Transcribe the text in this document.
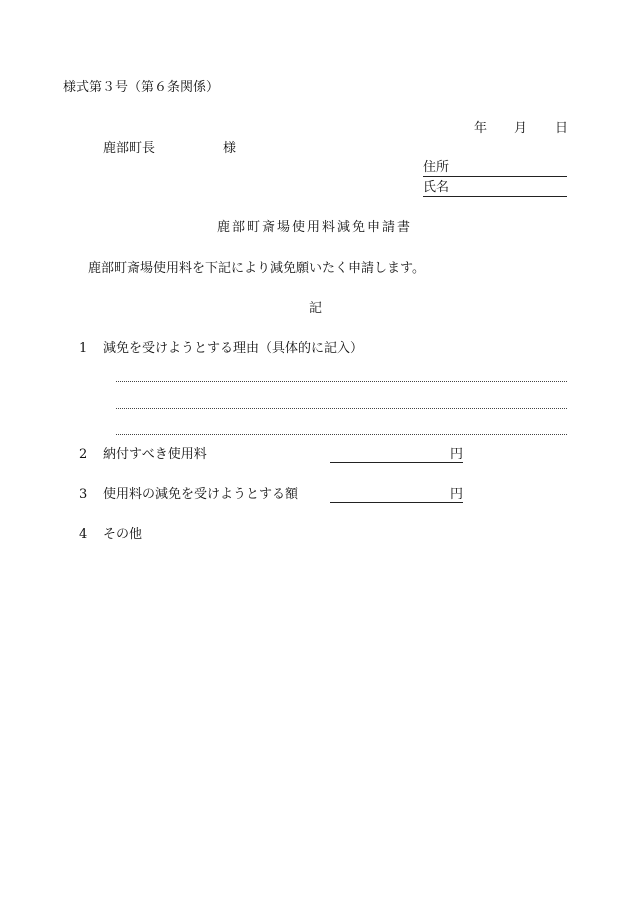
様式第３号（第６条関係）
年 月 日
鹿部町長	様
住所
氏名
鹿部町斎場使用料減免申請書
鹿部町斎場使用料を下記により減免願いたく申請します。
記
1 減免を受けようとする理由（具体的に記入）
2 納付すべき使用料	円
3 使用料の減免を受けようとする額	円
4 その他
